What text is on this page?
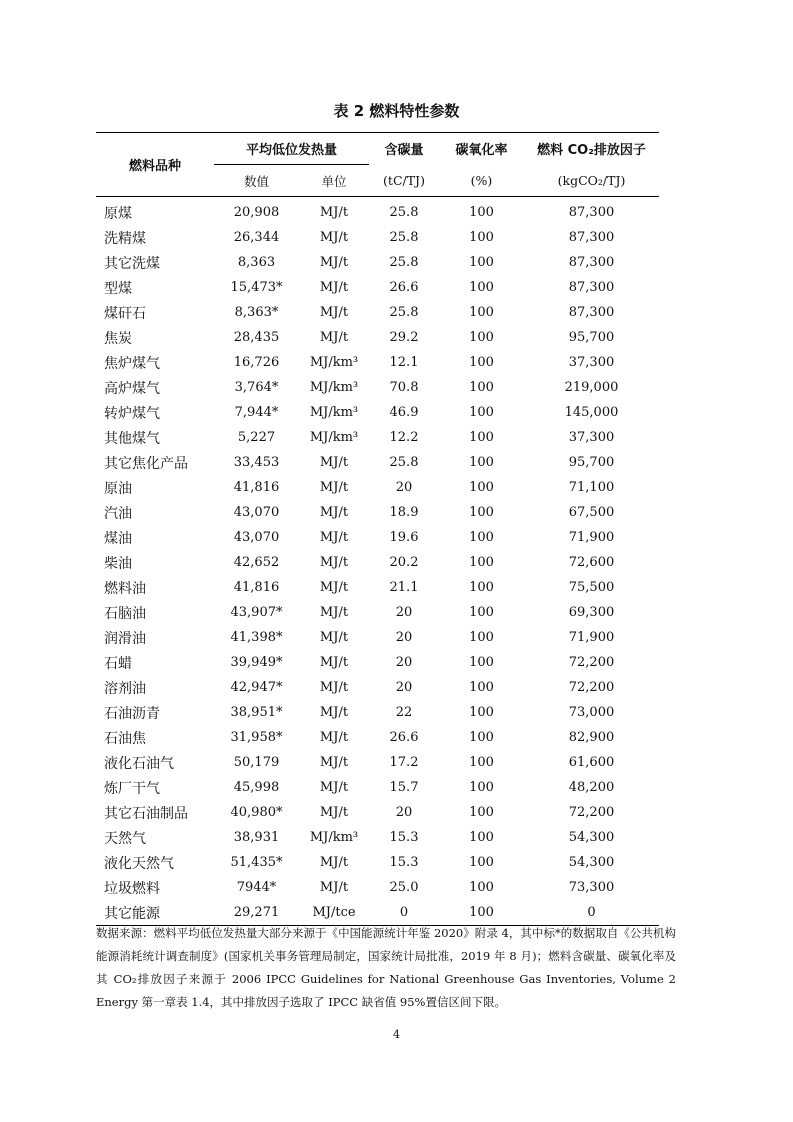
表 2 燃料特性参数
燃料品种	平均低位发热量		含碳量	碳氧化率	燃料 CO₂排放因子
	数值	单位	(tC/TJ)	(%)	(kgCO₂/TJ)
原煤	20,908	MJ/t	25.8	100	87,300
洗精煤	26,344	MJ/t	25.8	100	87,300
其它洗煤	8,363	MJ/t	25.8	100	87,300
型煤	15,473*	MJ/t	26.6	100	87,300
煤矸石	8,363*	MJ/t	25.8	100	87,300
焦炭	28,435	MJ/t	29.2	100	95,700
焦炉煤气	16,726	MJ/km³	12.1	100	37,300
高炉煤气	3,764*	MJ/km³	70.8	100	219,000
转炉煤气	7,944*	MJ/km³	46.9	100	145,000
其他煤气	5,227	MJ/km³	12.2	100	37,300
其它焦化产品	33,453	MJ/t	25.8	100	95,700
原油	41,816	MJ/t	20	100	71,100
汽油	43,070	MJ/t	18.9	100	67,500
煤油	43,070	MJ/t	19.6	100	71,900
柴油	42,652	MJ/t	20.2	100	72,600
燃料油	41,816	MJ/t	21.1	100	75,500
石脑油	43,907*	MJ/t	20	100	69,300
润滑油	41,398*	MJ/t	20	100	71,900
石蜡	39,949*	MJ/t	20	100	72,200
溶剂油	42,947*	MJ/t	20	100	72,200
石油沥青	38,951*	MJ/t	22	100	73,000
石油焦	31,958*	MJ/t	26.6	100	82,900
液化石油气	50,179	MJ/t	17.2	100	61,600
炼厂干气	45,998	MJ/t	15.7	100	48,200
其它石油制品	40,980*	MJ/t	20	100	72,200
天然气	38,931	MJ/km³	15.3	100	54,300
液化天然气	51,435*	MJ/t	15.3	100	54,300
垃圾燃料	7944*	MJ/t	25.0	100	73,300
其它能源	29,271	MJ/tce	0	100	0
数据来源：燃料平均低位发热量大部分来源于《中国能源统计年鉴 2020》附录 4，其中标*的数据取自《公共机构能源消耗统计调查制度》(国家机关事务管理局制定，国家统计局批准，2019 年 8 月)；燃料含碳量、碳氧化率及其 CO₂排放因子来源于 2006 IPCC Guidelines for National Greenhouse Gas Inventories, Volume 2 Energy 第一章表 1.4，其中排放因子选取了 IPCC 缺省值 95%置信区间下限。
4
